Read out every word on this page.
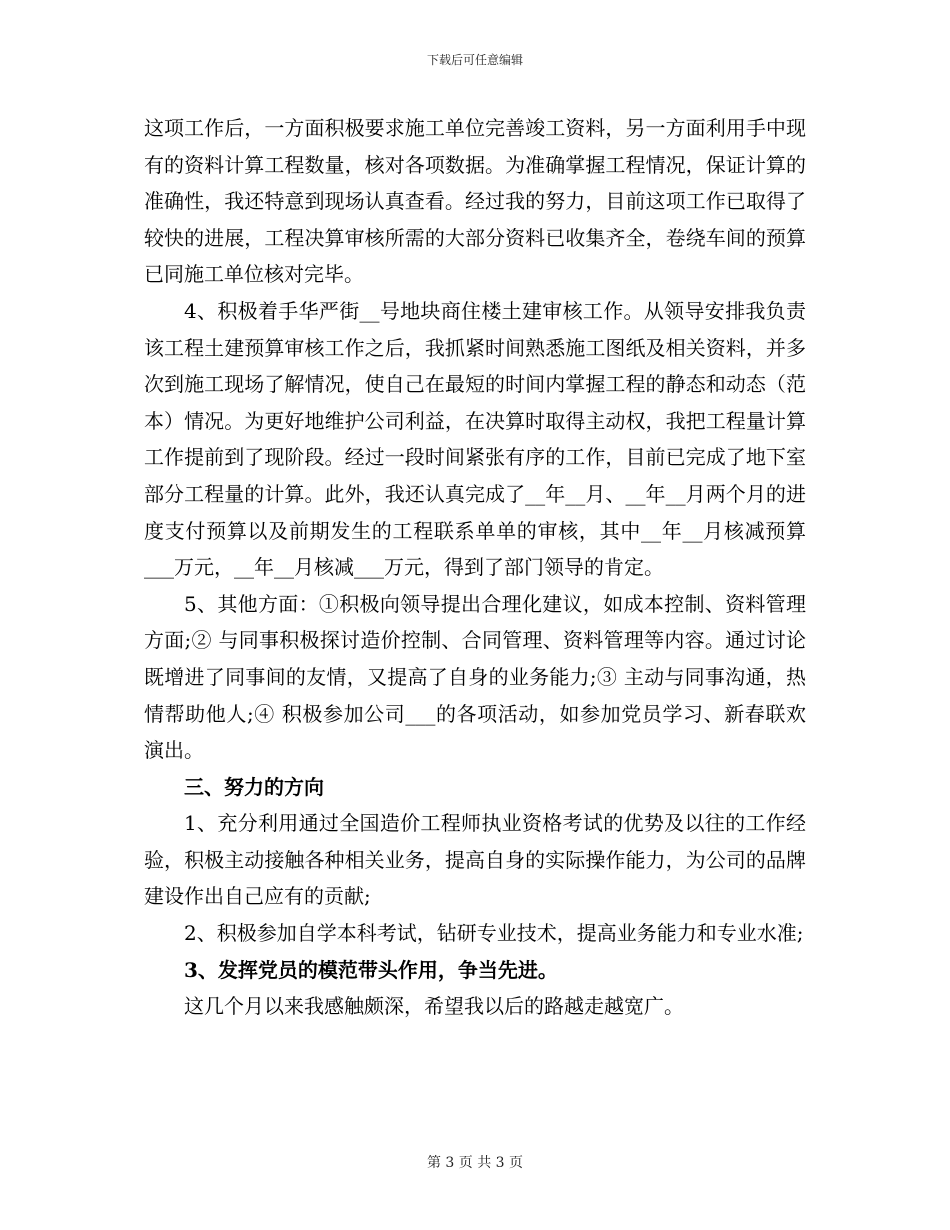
下载后可任意编辑

这项工作后，一方面积极要求施工单位完善竣工资料，另一方面利用手中现有的资料计算工程数量，核对各项数据。为准确掌握工程情况，保证计算的准确性，我还特意到现场认真查看。经过我的努力，目前这项工作已取得了较快的进展，工程决算审核所需的大部分资料已收集齐全，卷绕车间的预算已同施工单位核对完毕。

4、积极着手华严街__号地块商住楼土建审核工作。从领导安排我负责该工程土建预算审核工作之后，我抓紧时间熟悉施工图纸及相关资料，并多次到施工现场了解情况，使自己在最短的时间内掌握工程的静态和动态（范本）情况。为更好地维护公司利益，在决算时取得主动权，我把工程量计算工作提前到了现阶段。经过一段时间紧张有序的工作，目前已完成了地下室部分工程量的计算。此外，我还认真完成了__年__月、__年__月两个月的进度支付预算以及前期发生的工程联系单单的审核，其中__年__月核减预算___万元，__年__月核减___万元，得到了部门领导的肯定。

5、其他方面：①积极向领导提出合理化建议，如成本控制、资料管理方面;② 与同事积极探讨造价控制、合同管理、资料管理等内容。通过讨论既增进了同事间的友情，又提高了自身的业务能力;③ 主动与同事沟通，热情帮助他人;④ 积极参加公司___的各项活动，如参加党员学习、新春联欢演出。

三、努力的方向

1、充分利用通过全国造价工程师执业资格考试的优势及以往的工作经验，积极主动接触各种相关业务，提高自身的实际操作能力，为公司的品牌建设作出自己应有的贡献;

2、积极参加自学本科考试，钻研专业技术，提高业务能力和专业水准;

3、发挥党员的模范带头作用，争当先进。

这几个月以来我感触颇深，希望我以后的路越走越宽广。

第 3 页 共 3 页
